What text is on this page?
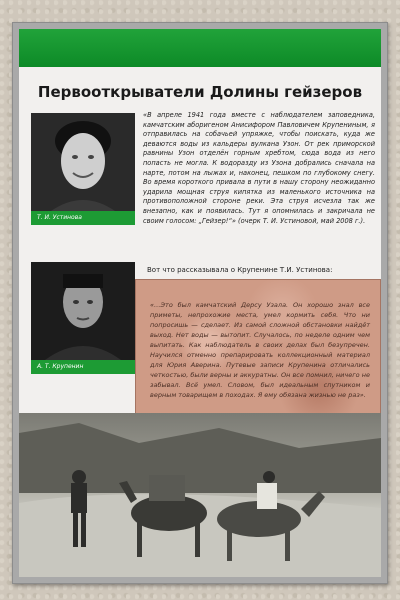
Первооткрыватели Долины гейзеров
Т. И. Устинова
«В апреле 1941 года вместе с наблюдателем заповедника, камчатским аборигеном Анисифором Павловичем Крупениным, я отправилась на собачьей упряжке, чтобы поискать, куда же деваются воды из кальдеры вулкана Узон. От рек приморской равнины Узон отделён горным хребтом, сюда вода из него попасть не могла. К водоразду из Узона добрались сначала на нарте, потом на лыжах и, наконец, пешком по глубокому снегу. Во время короткого привала в пути в нашу сторону неожиданно ударила мощная струя кипятка из маленького источника на противоположной стороне реки. Эта струя исчезла так же внезапно, как и появилась. Тут я опомнилась и закричала не своим голосом: „Гейзер!“» (очерк Т. И. Устиновой, май 2008 г.).
А. Т. Крупенин
Вот что рассказывала о Крупенине Т.И. Устинова:
«…Это был камчатский Дерсу Узала. Он хорошо знал все приметы, непрохожие места, умел кормить себя. Что ни попросишь — сделает. Из самой сложной обстановки найдёт выход. Нет воды — вытопит. Случалось, по неделе одним чем выпитать. Как наблюдатель в своих делах был безупречен. Научился отменно препарировать коллекционный материал для Юрия Аверина. Путевые записи Крупенина отличались четкостью, были верны и аккуратны. Он все помнил, ничего не забывал. Всё умел. Словом, был идеальным спутником и верным товарищем в походах. Я ему обязана жизнью не раз».
